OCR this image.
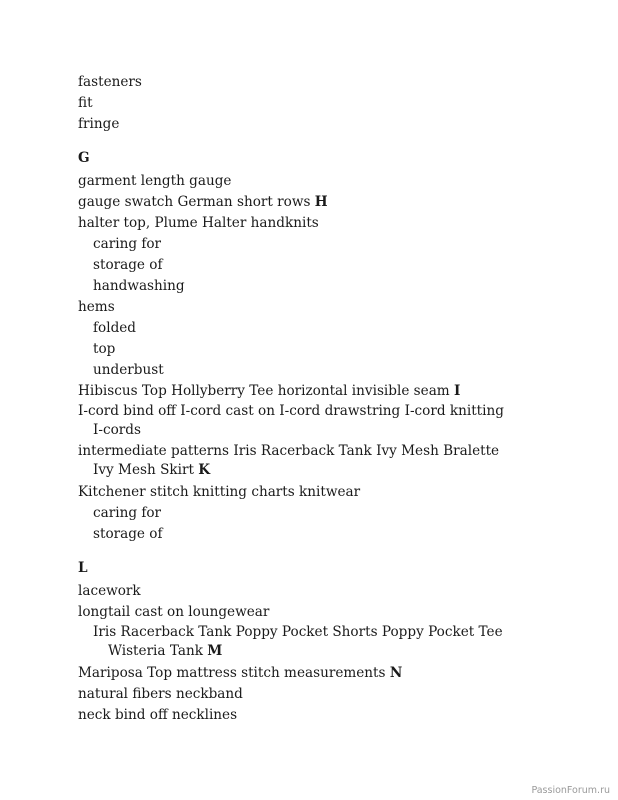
fasteners

fit

fringe

G

garment length gauge

gauge swatch German short rows H

halter top, Plume Halter handknits

caring for

storage of

handwashing

hems

folded

top

underbust

Hibiscus Top Hollyberry Tee horizontal invisible seam I

I-cord bind off I-cord cast on I-cord drawstring I-cord knitting I-cords

intermediate patterns Iris Racerback Tank Ivy Mesh Bralette Ivy Mesh Skirt K

Kitchener stitch knitting charts knitwear

caring for

storage of

L

lacework

longtail cast on loungewear

Iris Racerback Tank Poppy Pocket Shorts Poppy Pocket Tee Wisteria Tank M

Mariposa Top mattress stitch measurements N

natural fibers neckband

neck bind off necklines

PassionForum.ru
